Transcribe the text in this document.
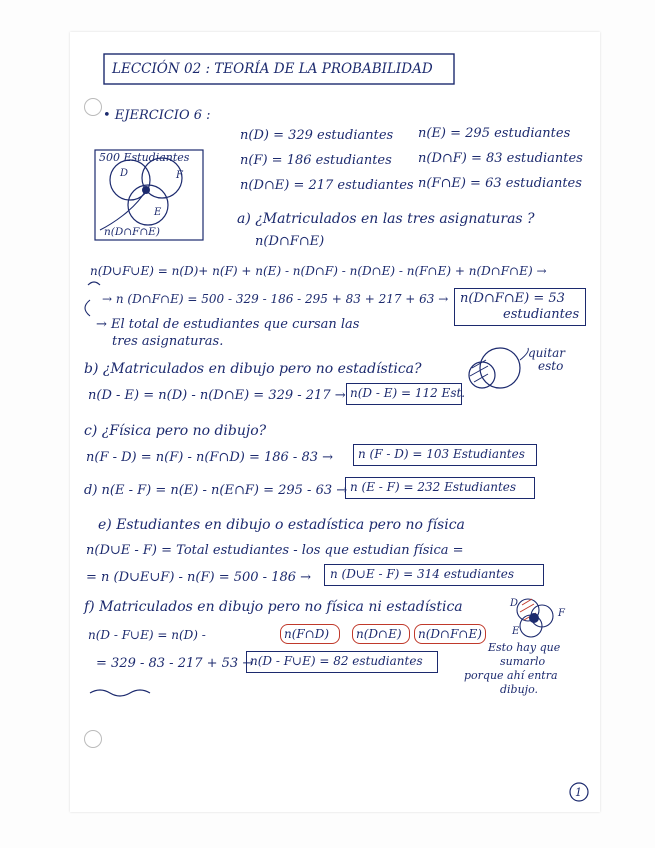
LECCIÓN 02 : TEORÍA DE LA PROBABILIDAD
• EJERCICIO 6 :
500 Estudiantes
D	F
E
n(D∩F∩E)
n(D) = 329 estudiantes
n(F) = 186 estudiantes
n(D∩E) = 217 estudiantes
n(E) = 295 estudiantes
n(D∩F) = 83 estudiantes
n(F∩E) = 63 estudiantes
a) ¿Matriculados en las tres asignaturas ?
n(D∩F∩E)
n(D∪F∪E) = n(D)+ n(F) + n(E) - n(D∩F) - n(D∩E) - n(F∩E) + n(D∩F∩E) →
→ n (D∩F∩E) = 500 - 329 - 186 - 295 + 83 + 217 + 63 → n(D∩F∩E) = 53
estudiantes
→ El total de estudiantes que cursan las
tres asignaturas.
b) ¿Matriculados en dibujo pero no estadística?
n(D - E) = n(D) - n(D∩E) = 329 - 217 → n(D - E) = 112 Est.
quitar
esto
c) ¿Física pero no dibujo?
n(F - D) = n(F) - n(F∩D) = 186 - 83 → n (F - D) = 103 Estudiantes
d) n(E - F) = n(E) - n(E∩F) = 295 - 63 → n (E - F) = 232 Estudiantes
e) Estudiantes en dibujo o estadística pero no física
n(D∪E - F) = Total estudiantes - los que estudian física =
= n (D∪E∪F) - n(F) = 500 - 186 → n (D∪E - F) = 314 estudiantes
f) Matriculados en dibujo pero no física ni estadística
n(D - F∪E) = n(D) -	n(F∩D) n(D∩E) n(D∩F∩E)
= 329 - 83 - 217 + 53 →
n(D - F∪E) = 82 estudiantes
Esto hay que
sumarlo
porque ahí entra
dibujo.
D
F
E
1
